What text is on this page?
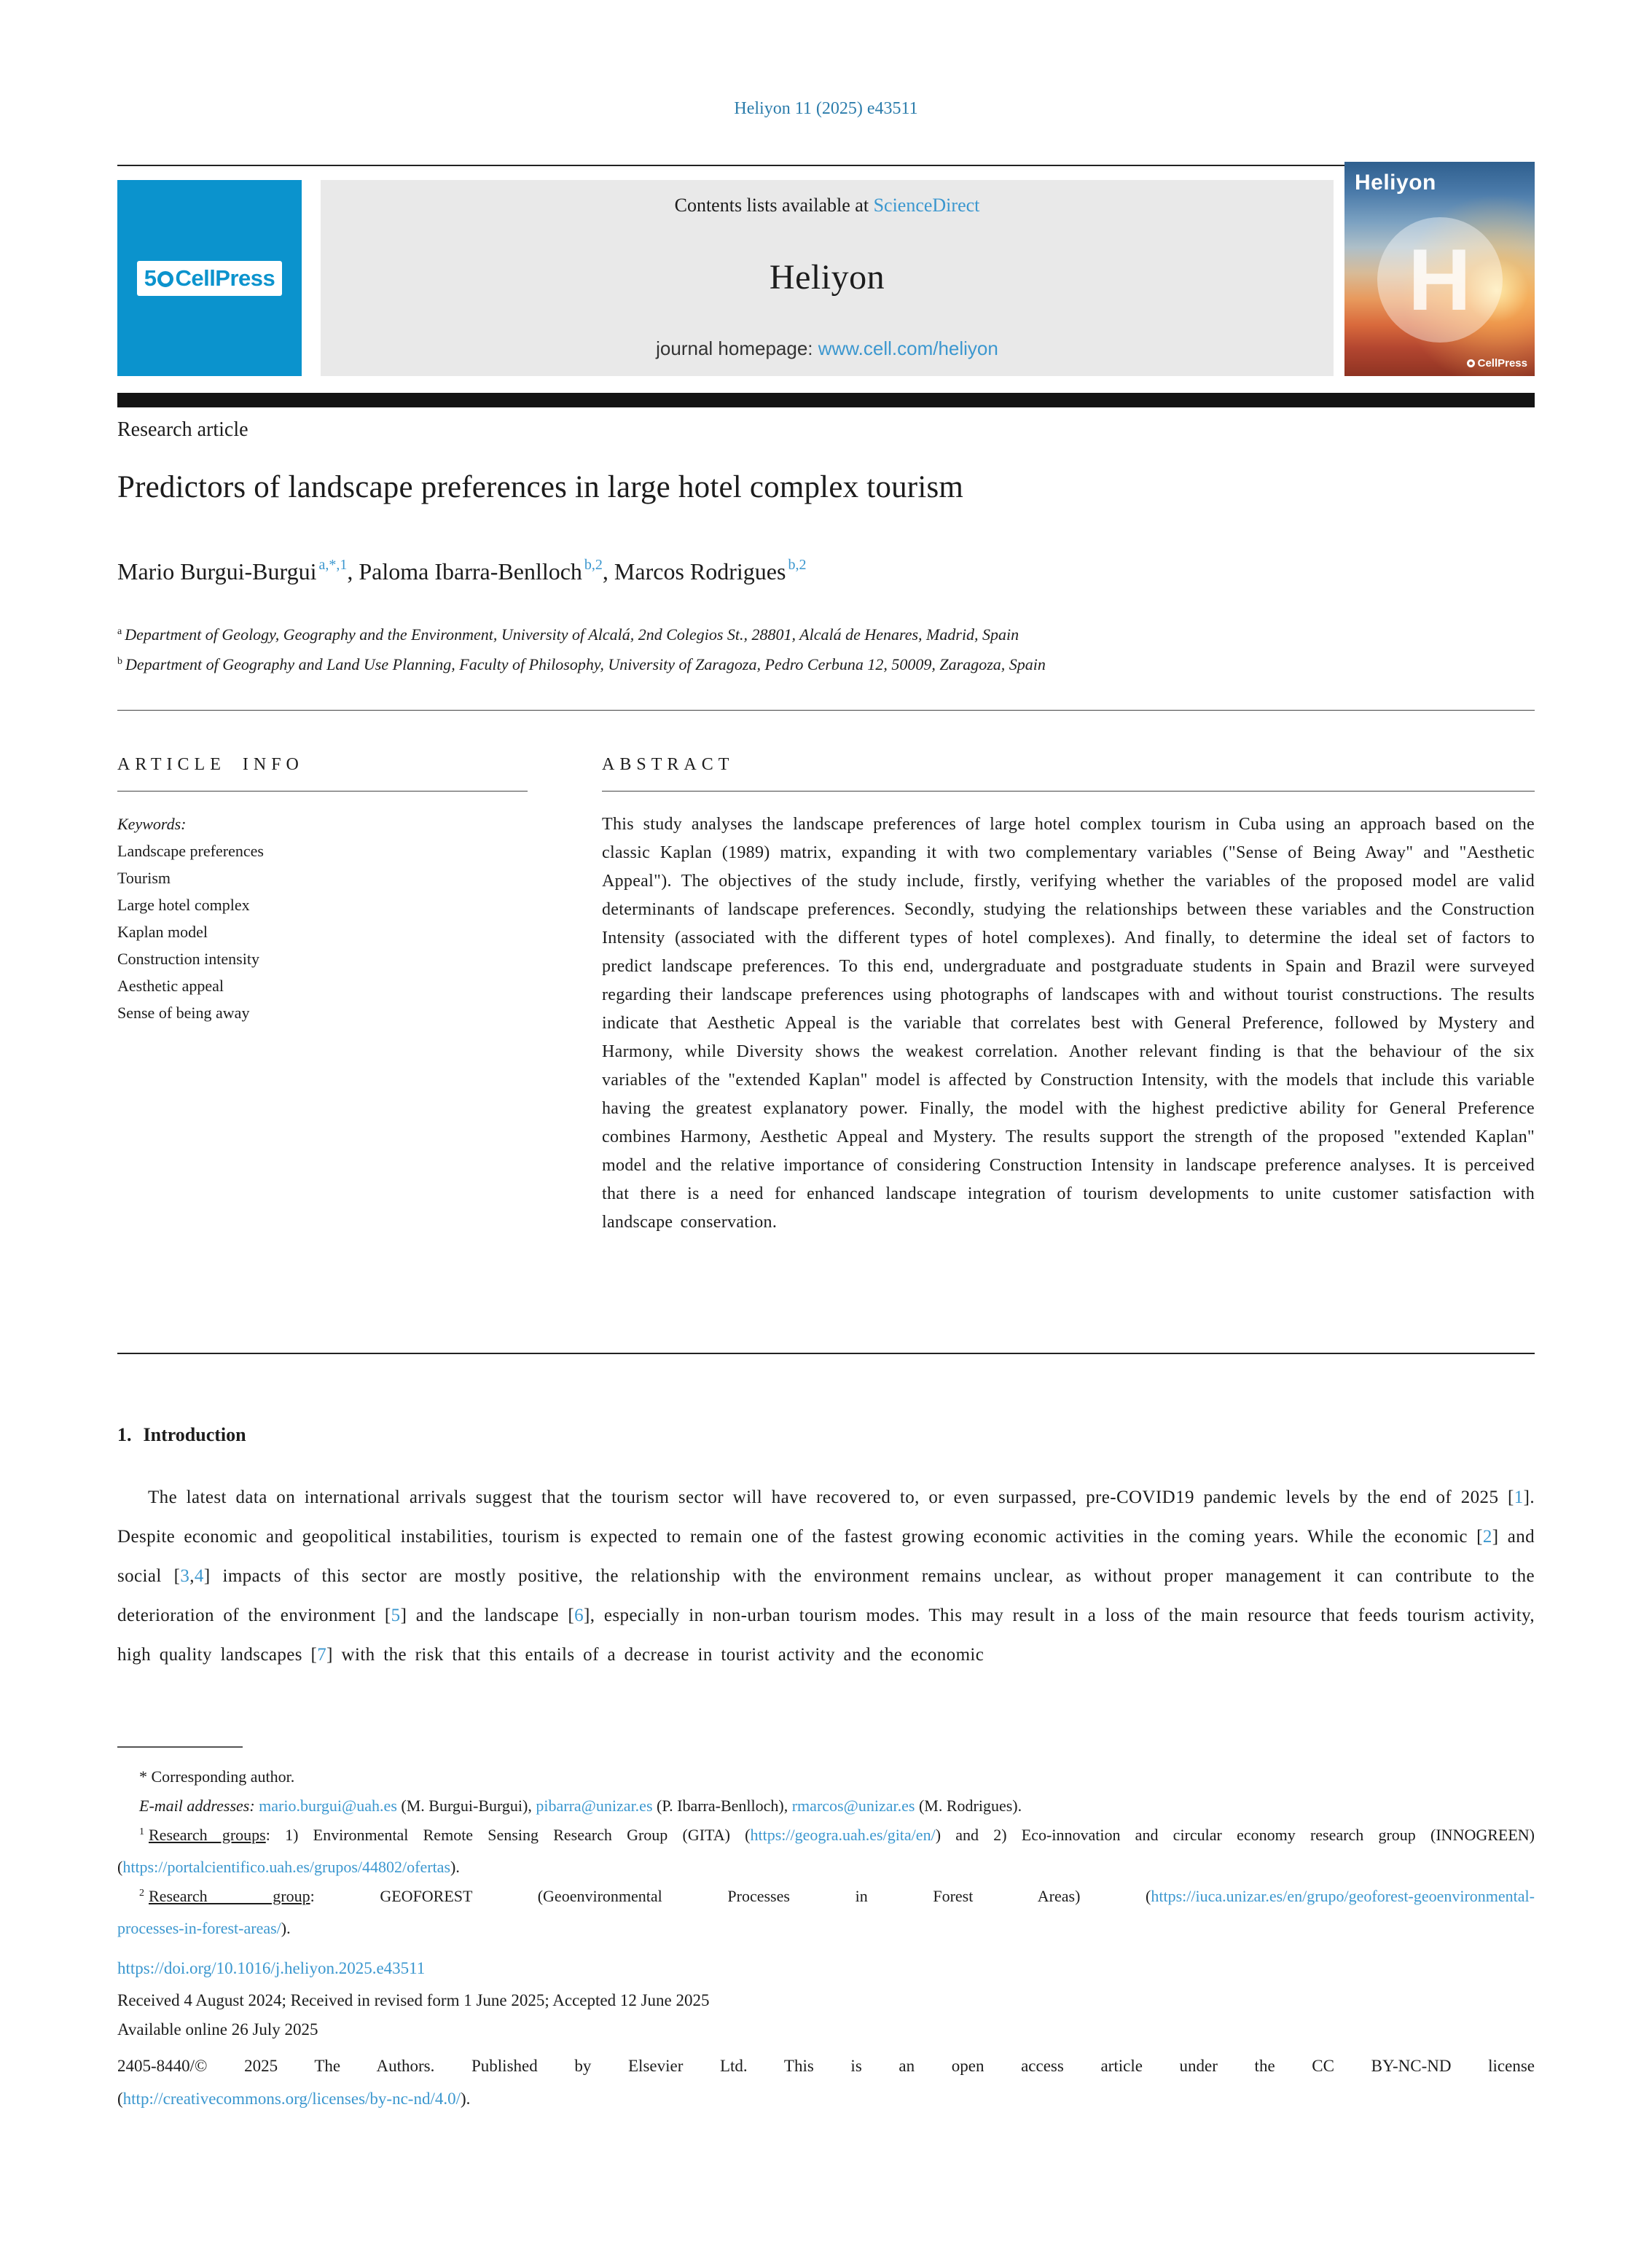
Heliyon 11 (2025) e43511
5 CellPress
Contents lists available at ScienceDirect
Heliyon
journal homepage: www.cell.com/heliyon
Heliyon
H
CellPress
Research article
Predictors of landscape preferences in large hotel complex tourism
Mario Burgui-Burgui $^{a,*,1}$, Paloma Ibarra-Benlloch $^{b,2}$, Marcos Rodrigues $^{b,2}$
$^a$ Department of Geology, Geography and the Environment, University of Alcalá, 2nd Colegios St., 28801, Alcalá de Henares, Madrid, Spain
$^b$ Department of Geography and Land Use Planning, Faculty of Philosophy, University of Zaragoza, Pedro Cerbuna 12, 50009, Zaragoza, Spain
ARTICLE INFO
Keywords:
Landscape preferences
Tourism
Large hotel complex
Kaplan model
Construction intensity
Aesthetic appeal
Sense of being away
ABSTRACT

This study analyses the landscape preferences of large hotel complex tourism in Cuba using an approach based on the classic Kaplan (1989) matrix, expanding it with two complementary variables ("Sense of Being Away" and "Aesthetic Appeal"). The objectives of the study include, firstly, verifying whether the variables of the proposed model are valid determinants of landscape preferences. Secondly, studying the relationships between these variables and the Construction Intensity (associated with the different types of hotel complexes). And finally, to determine the ideal set of factors to predict landscape preferences. To this end, undergraduate and postgraduate students in Spain and Brazil were surveyed regarding their landscape preferences using photographs of landscapes with and without tourist constructions. The results indicate that Aesthetic Appeal is the variable that correlates best with General Preference, followed by Mystery and Harmony, while Diversity shows the weakest correlation. Another relevant finding is that the behaviour of the six variables of the "extended Kaplan" model is affected by Construction Intensity, with the models that include this variable having the greatest explanatory power. Finally, the model with the highest predictive ability for General Preference combines Harmony, Aesthetic Appeal and Mystery. The results support the strength of the proposed "extended Kaplan" model and the relative importance of considering Construction Intensity in landscape preference analyses. It is perceived that there is a need for enhanced landscape integration of tourism developments to unite customer satisfaction with landscape conservation.

1. Introduction

The latest data on international arrivals suggest that the tourism sector will have recovered to, or even surpassed, pre-COVID19 pandemic levels by the end of 2025 [1]. Despite economic and geopolitical instabilities, tourism is expected to remain one of the fastest growing economic activities in the coming years. While the economic [2] and social [3,4] impacts of this sector are mostly positive, the relationship with the environment remains unclear, as without proper management it can contribute to the deterioration of the environment [5] and the landscape [6], especially in non-urban tourism modes. This may result in a loss of the main resource that feeds tourism activity, high quality landscapes [7] with the risk that this entails of a decrease in tourist activity and the economic

* Corresponding author.

E-mail addresses: mario.burgui@uah.es (M. Burgui-Burgui), pibarra@unizar.es (P. Ibarra-Benlloch), rmarcos@unizar.es (M. Rodrigues).

$^1$ Research groups: 1) Environmental Remote Sensing Research Group (GITA) (https://geogra.uah.es/gita/en/) and 2) Eco-innovation and circular economy research group (INNOGREEN) (https://portalcientifico.uah.es/grupos/44802/ofertas).

$^2$ Research group: GEOFOREST (Geoenvironmental Processes in Forest Areas) (https://iuca.unizar.es/en/grupo/geoforest-geoenvironmental-

processes-in-forest-areas/).

https://doi.org/10.1016/j.heliyon.2025.e43511
Received 4 August 2024; Received in revised form 1 June 2025; Accepted 12 June 2025
Available online 26 July 2025
2405-8440/© 2025 The Authors. Published by Elsevier Ltd. This is an open access article under the CC BY-NC-ND license
(http://creativecommons.org/licenses/by-nc-nd/4.0/).
